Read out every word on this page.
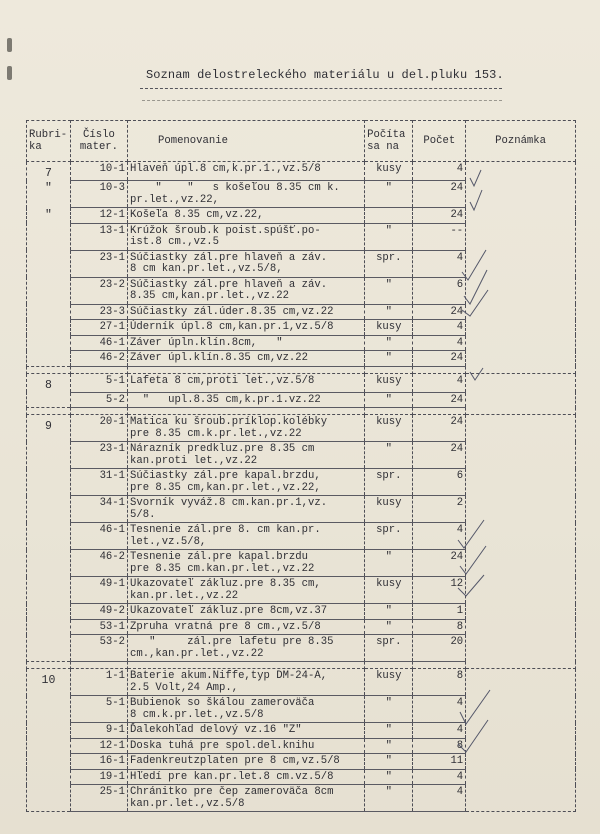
Soznam delostreleckého materiálu u del.pluku 153.
Rubri-
ka	Číslo
mater.	Pomenovanie	Počíta
sa na	Počet	Poznámka
7	10-1	Hlaveň úpl.8 cm,k.pr.1.,vz.5/8	kusy	4	
"	10-3	"    "   s košeľou 8.35 cm k.
pr.let.,vz.22,	"	24	
"	12-1	Košeľa 8.35 cm,vz.22,		24	
	13-1	Krúžok šroub.k poist.spúšť.po-
ist.8 cm.,vz.5	"	--	
	23-1	Súčiastky zál.pre hlaveň a záv.
8 cm kan.pr.let.,vz.5/8,	spr.	4	
	23-2	Súčiastky zál.pre hlaveň a záv.
8.35 cm,kan.pr.let.,vz.22	"	6	
	23-3	Súčiastky zál.úder.8.35 cm,vz.22	"	24	
	27-1	Úderník úpl.8 cm,kan.pr.1,vz.5/8	kusy	4	
	46-1	Záver úpln.klín.8cm,   "	"	4	
	46-2	Záver úpl.klín.8.35 cm,vz.22	"	24	

8	5-1	Lafeta 8 cm,proti let.,vz.5/8	kusy	4	
	5-2	"   upl.8.35 cm,k.pr.1.vz.22	"	24	

9	20-1	Matica ku šroub.príklop.kolébky
pre 8.35 cm.k.pr.let.,vz.22	kusy	24	
	23-1	Nárazník predkluz.pre 8.35 cm
kan.proti let.,vz.22	"	24	
	31-1	Súčiastky zál.pre kapal.brzdu,
pre 8.35 cm,kan.pr.let.,vz.22,	spr.	6	
	34-1	Svorník vyváž.8 cm.kan.pr.1,vz.
5/8.	kusy	2	
	46-1	Tesnenie zál.pre 8. cm kan.pr.
let.,vz.5/8,	spr.	4	
	46-2	Tesnenie zál.pre kapal.brzdu
pre 8.35 cm.kan.pr.let.,vz.22	"	24	
	49-1	Ukazovateľ zákluz.pre 8.35 cm,
kan.pr.let.,vz.22	kusy	12	
	49-2	Ukazovateľ zákluz.pre 8cm,vz.37	"	1	
	53-1	Zpruha vratná pre 8 cm.,vz.5/8	"	8	
	53-2	"     zál.pre lafetu pre 8.35
cm.,kan.pr.let.,vz.22	spr.	20	

10	1-1	Baterie akum.Niffe,typ DM-24-A,
2.5 Volt,24 Amp.,	kusy	8	
	5-1	Bubienok so škálou zameroväča
8 cm.k.pr.let.,vz.5/8	"	4	
	9-1	Ďalekohľad delový vz.16 "Z"	"	4	
	12-1	Doska tuhá pre spol.del.knihu	"	8	
	16-1	Fadenkreutzplaten pre 8 cm,vz.5/8	"	11	
	19-1	Hľedí pre kan.pr.let.8 cm.vz.5/8	"	4	
	25-1	Chránitko pre čep zameroväča 8cm
kan.pr.let.,vz.5/8	"	4	
